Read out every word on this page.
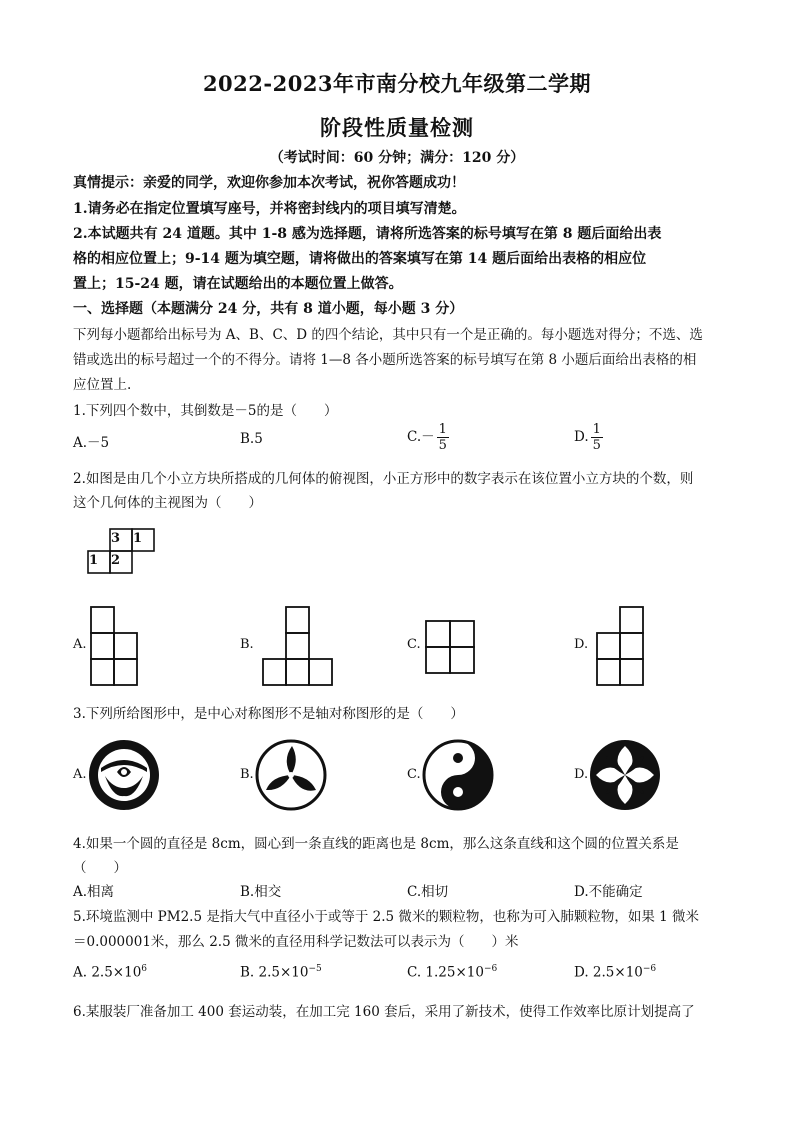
2022-2023年市南分校九年级第二学期
阶段性质量检测
（考试时间：60 分钟；满分：120 分）
真情提示：亲爱的同学，欢迎你参加本次考试，祝你答题成功！
1.请务必在指定位置填写座号，并将密封线内的项目填写清楚。
2.本试题共有 24 道题。其中 1-8 感为选择题，请将所选答案的标号填写在第 8 题后面给出表
格的相应位置上；9-14 题为填空题，请将做出的答案填写在第 14 题后面给出表格的相应位
置上；15-24 题，请在试题给出的本题位置上做答。
一、选择题（本题满分 24 分，共有 8 道小题，每小题 3 分）
下列每小题都给出标号为 A、B、C、D 的四个结论，其中只有一个是正确的。每小题选对得分；不选、选
错或选出的标号超过一个的不得分。请将 1—8 各小题所选答案的标号填写在第 8 小题后面给出表格的相
应位置上.
1.下列四个数中，其倒数是－5的是（　　）
A.－5	B.5	$C.- \frac{1}{5}$	D. $\frac{1}{5}$
2.如图是由几个小立方块所搭成的几何体的俯视图，小正方形中的数字表示在该位置小立方块的个数，则
这个几何体的主视图为（　　）
3 1
1 2
A.	B.	C.	D.
3.下列所给图形中，是中心对称图形不是轴对称图形的是（　　）
A.	B.	C.	D.
4.如果一个圆的直径是 8cm，圆心到一条直线的距离也是 8cm，那么这条直线和这个圆的位置关系是
（　　）
A.相离	B.相交	C.相切	D.不能确定
5.环境监测中 PM2.5 是指大气中直径小于或等于 2.5 微米的颗粒物，也称为可入肺颗粒物，如果 1 微米
＝0.000001米，那么 2.5 微米的直径用科学记数法可以表示为（　　）米
A. $2.5\times 10^6$	B. $2.5\times 10^{-5}$	C. $1.25\times 10^{-6}$	D. $2.5\times 10^{-6}$
6.某服装厂准备加工 400 套运动装，在加工完 160 套后，采用了新技术，使得工作效率比原计划提高了
